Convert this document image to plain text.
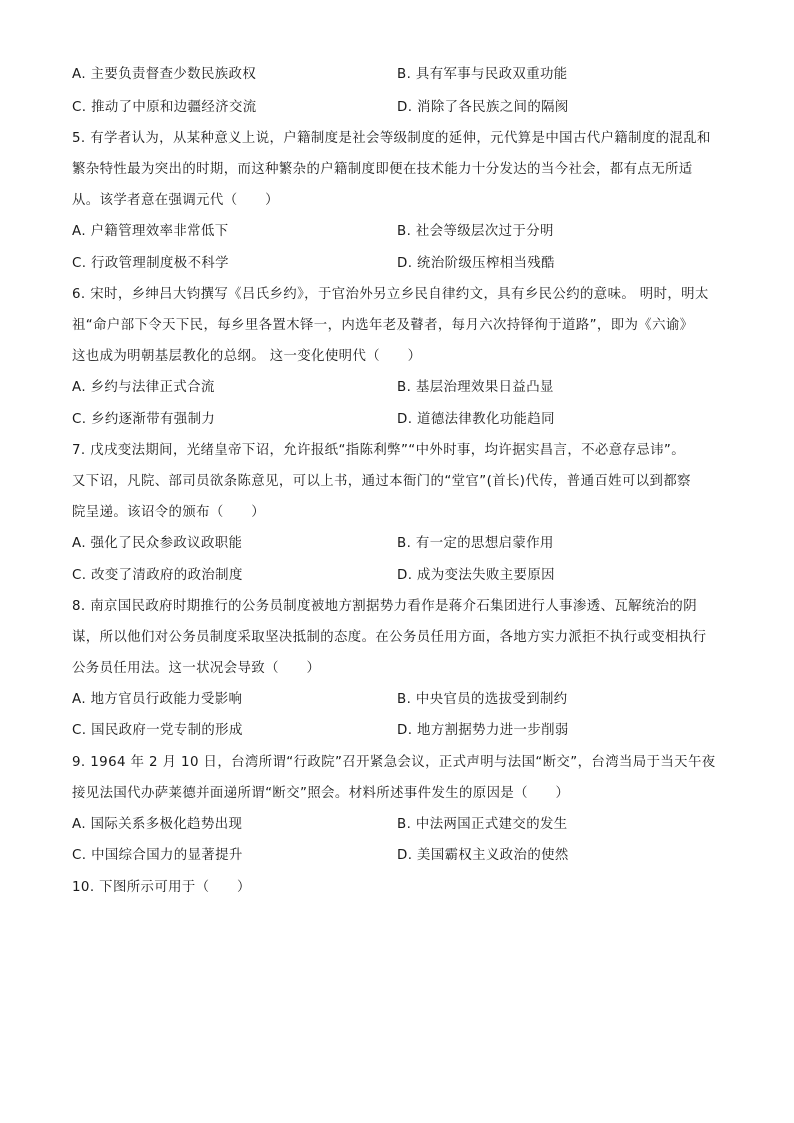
A. 主要负责督查少数民族政权	B. 具有军事与民政双重功能
C. 推动了中原和边疆经济交流	D. 消除了各民族之间的隔阂
5. 有学者认为，从某种意义上说，户籍制度是社会等级制度的延伸，元代算是中国古代户籍制度的混乱和
繁杂特性最为突出的时期，而这种繁杂的户籍制度即便在技术能力十分发达的当今社会，都有点无所适
从。该学者意在强调元代（　　）
A. 户籍管理效率非常低下	B. 社会等级层次过于分明
C. 行政管理制度极不科学	D. 统治阶级压榨相当残酷
6. 宋时，乡绅吕大钧撰写《吕氏乡约》，于官治外另立乡民自律约文，具有乡民公约的意味。 明时，明太
祖“命户部下令天下民，每乡里各置木铎一，内选年老及瞽者，每月六次持铎徇于道路”，即为《六谕》
这也成为明朝基层教化的总纲。 这一变化使明代（　　）
A. 乡约与法律正式合流	B. 基层治理效果日益凸显
C. 乡约逐渐带有强制力	D. 道德法律教化功能趋同
7. 戊戌变法期间，光绪皇帝下诏，允许报纸“指陈利弊”“中外时事，均许据实昌言，不必意存忌讳”。
又下诏，凡院、部司员欲条陈意见，可以上书，通过本衙门的“堂官”(首长)代传，普通百姓可以到都察
院呈递。该诏令的颁布（　　）
A. 强化了民众参政议政职能	B. 有一定的思想启蒙作用
C. 改变了清政府的政治制度	D. 成为变法失败主要原因
8. 南京国民政府时期推行的公务员制度被地方割据势力看作是蒋介石集团进行人事渗透、瓦解统治的阴
谋，所以他们对公务员制度采取坚决抵制的态度。在公务员任用方面，各地方实力派拒不执行或变相执行
公务员任用法。这一状况会导致（　　）
A. 地方官员行政能力受影响	B. 中央官员的选拔受到制约
C. 国民政府一党专制的形成	D. 地方割据势力进一步削弱
9. 1964 年 2 月 10 日，台湾所谓“行政院”召开紧急会议，正式声明与法国“断交”，台湾当局于当天午夜
接见法国代办萨莱德并面递所谓“断交”照会。材料所述事件发生的原因是（　　）
A. 国际关系多极化趋势出现	B. 中法两国正式建交的发生
C. 中国综合国力的显著提升	D. 美国霸权主义政治的使然
10. 下图所示可用于（　　）
